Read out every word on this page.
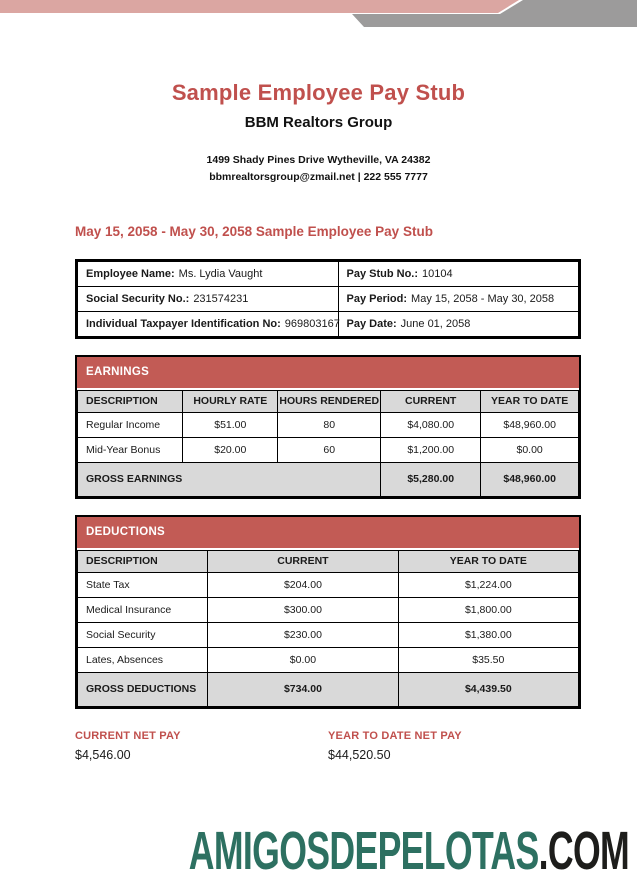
Sample Employee Pay Stub
BBM Realtors Group
1499 Shady Pines Drive Wytheville, VA 24382
bbmrealtorsgroup@zmail.net | 222 555 7777
May 15, 2058 - May 30, 2058 Sample Employee Pay Stub
Employee Name: Ms. Lydia Vaught	Pay Stub No.: 10104
Social Security No.: 231574231	Pay Period: May 15, 2058 - May 30, 2058
Individual Taxpayer Identification No: 969803167	Pay Date: June 01, 2058
EARNINGS
DESCRIPTION	HOURLY RATE	HOURS RENDERED	CURRENT	YEAR TO DATE
Regular Income	$51.00	80	$4,080.00	$48,960.00
Mid-Year Bonus	$20.00	60	$1,200.00	$0.00
GROSS EARNINGS			$5,280.00	$48,960.00
DEDUCTIONS
DESCRIPTION	CURRENT	YEAR TO DATE
State Tax	$204.00	$1,224.00
Medical Insurance	$300.00	$1,800.00
Social Security	$230.00	$1,380.00
Lates, Absences	$0.00	$35.50
GROSS DEDUCTIONS	$734.00	$4,439.50
CURRENT NET PAY
$4,546.00
YEAR TO DATE NET PAY
$44,520.50
AMIGOSDEPELOTAS.COM
